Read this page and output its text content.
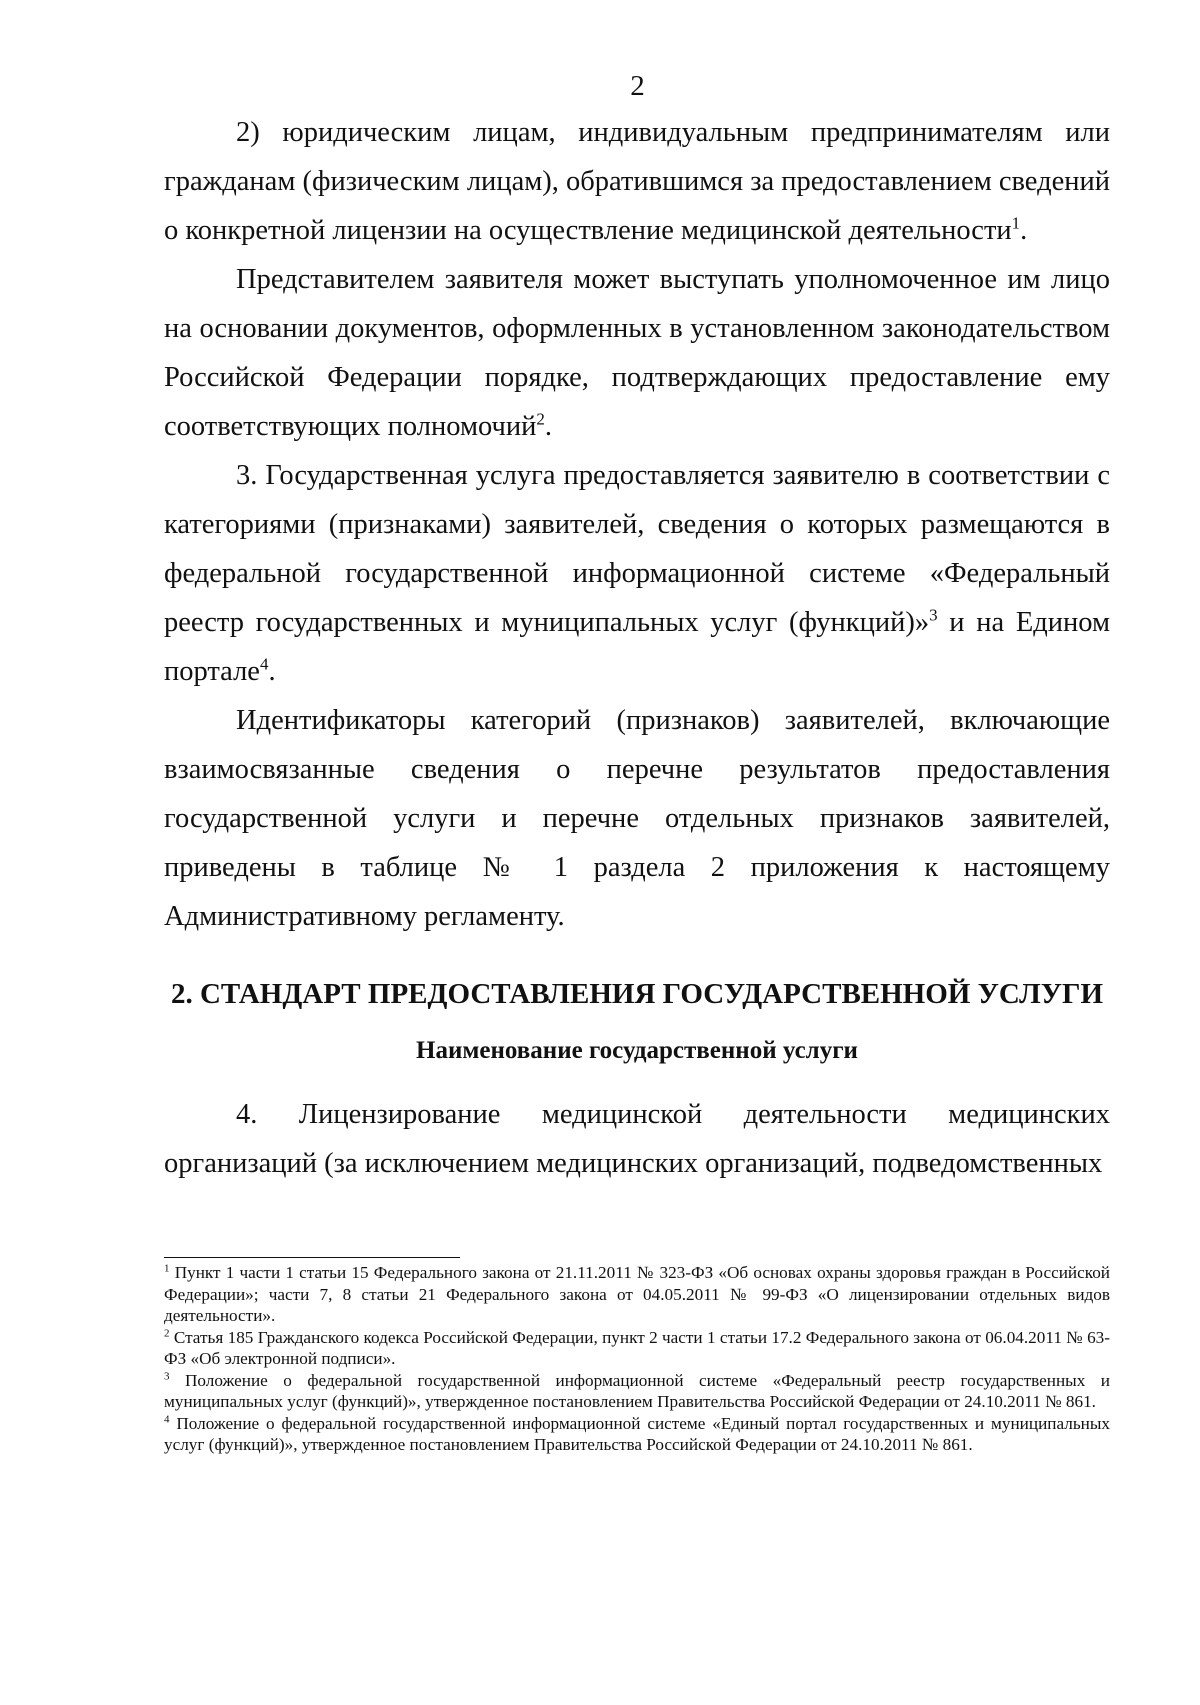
2

2) юридическим лицам, индивидуальным предпринимателям или гражданам (физическим лицам), обратившимся за предоставлением сведений о конкретной лицензии на осуществление медицинской деятельности$^1$.

Представителем заявителя может выступать уполномоченное им лицо на основании документов, оформленных в установленном законодательством Российской Федерации порядке, подтверждающих предоставление ему соответствующих полномочий$^2$.

3. Государственная услуга предоставляется заявителю в соответствии с категориями (признаками) заявителей, сведения о которых размещаются в федеральной государственной информационной системе «Федеральный реестр государственных и муниципальных услуг (функций)»$^3$ и на Едином портале$^4$.

Идентификаторы категорий (признаков) заявителей, включающие взаимосвязанные сведения о перечне результатов предоставления государственной услуги и перечне отдельных признаков заявителей, приведены в таблице № 1 раздела 2 приложения к настоящему Административному регламенту.

2. СТАНДАРТ ПРЕДОСТАВЛЕНИЯ ГОСУДАРСТВЕННОЙ УСЛУГИ
Наименование государственной услуги

4. Лицензирование медицинской деятельности медицинских организаций (за исключением медицинских организаций, подведомственных

$^1$ Пункт 1 части 1 статьи 15 Федерального закона от 21.11.2011 № 323-ФЗ «Об основах охраны здоровья граждан в Российской Федерации»; части 7, 8 статьи 21 Федерального закона от 04.05.2011 № 99-ФЗ «О лицензировании отдельных видов деятельности».

$^2$ Статья 185 Гражданского кодекса Российской Федерации, пункт 2 части 1 статьи 17.2 Федерального закона от 06.04.2011 № 63-ФЗ «Об электронной подписи».

$^3$ Положение о федеральной государственной информационной системе «Федеральный реестр государственных и муниципальных услуг (функций)», утвержденное постановлением Правительства Российской Федерации от 24.10.2011 № 861.

$^4$ Положение о федеральной государственной информационной системе «Единый портал государственных и муниципальных услуг (функций)», утвержденное постановлением Правительства Российской Федерации от 24.10.2011 № 861.
